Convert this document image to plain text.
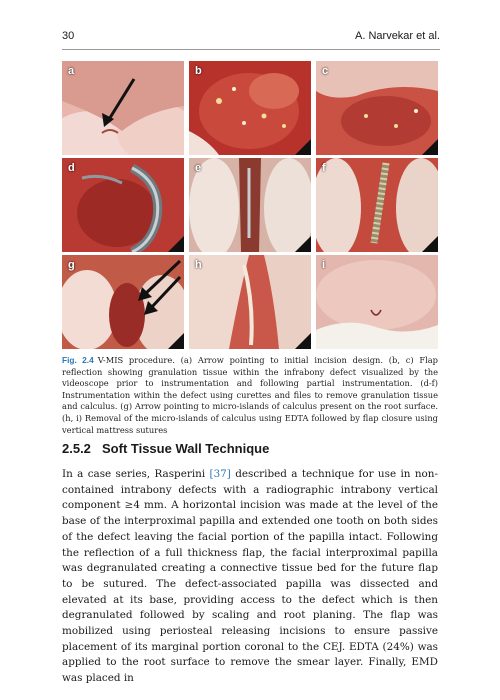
30	A. Narvekar et al.
a	b	c
d	e	f
g	h	i
Fig. 2.4 V-MIS procedure. (a) Arrow pointing to initial incision design. (b, c) Flap reflection showing granulation tissue within the infrabony defect visualized by the videoscope prior to instrumentation and following partial instrumentation. (d-f) Instrumentation within the defect using curettes and files to remove granulation tissue and calculus. (g) Arrow pointing to micro-islands of calculus present on the root surface. (h, i) Removal of the micro-islands of calculus using EDTA followed by flap closure using vertical mattress sutures
2.5.2 Soft Tissue Wall Technique
In a case series, Rasperini [37] described a technique for use in non-contained intrabony defects with a radiographic intrabony vertical component ≥4 mm. A horizontal incision was made at the level of the base of the interproximal papilla and extended one tooth on both sides of the defect leaving the facial portion of the papilla intact. Following the reflection of a full thickness flap, the facial interproximal papilla was degranulated creating a connective tissue bed for the future flap to be sutured. The defect-associated papilla was dissected and elevated at its base, providing access to the defect which is then degranulated followed by scaling and root planing. The flap was mobilized using periosteal releasing incisions to ensure passive placement of its marginal portion coronal to the CEJ. EDTA (24%) was applied to the root surface to remove the smear layer. Finally, EMD was placed in
